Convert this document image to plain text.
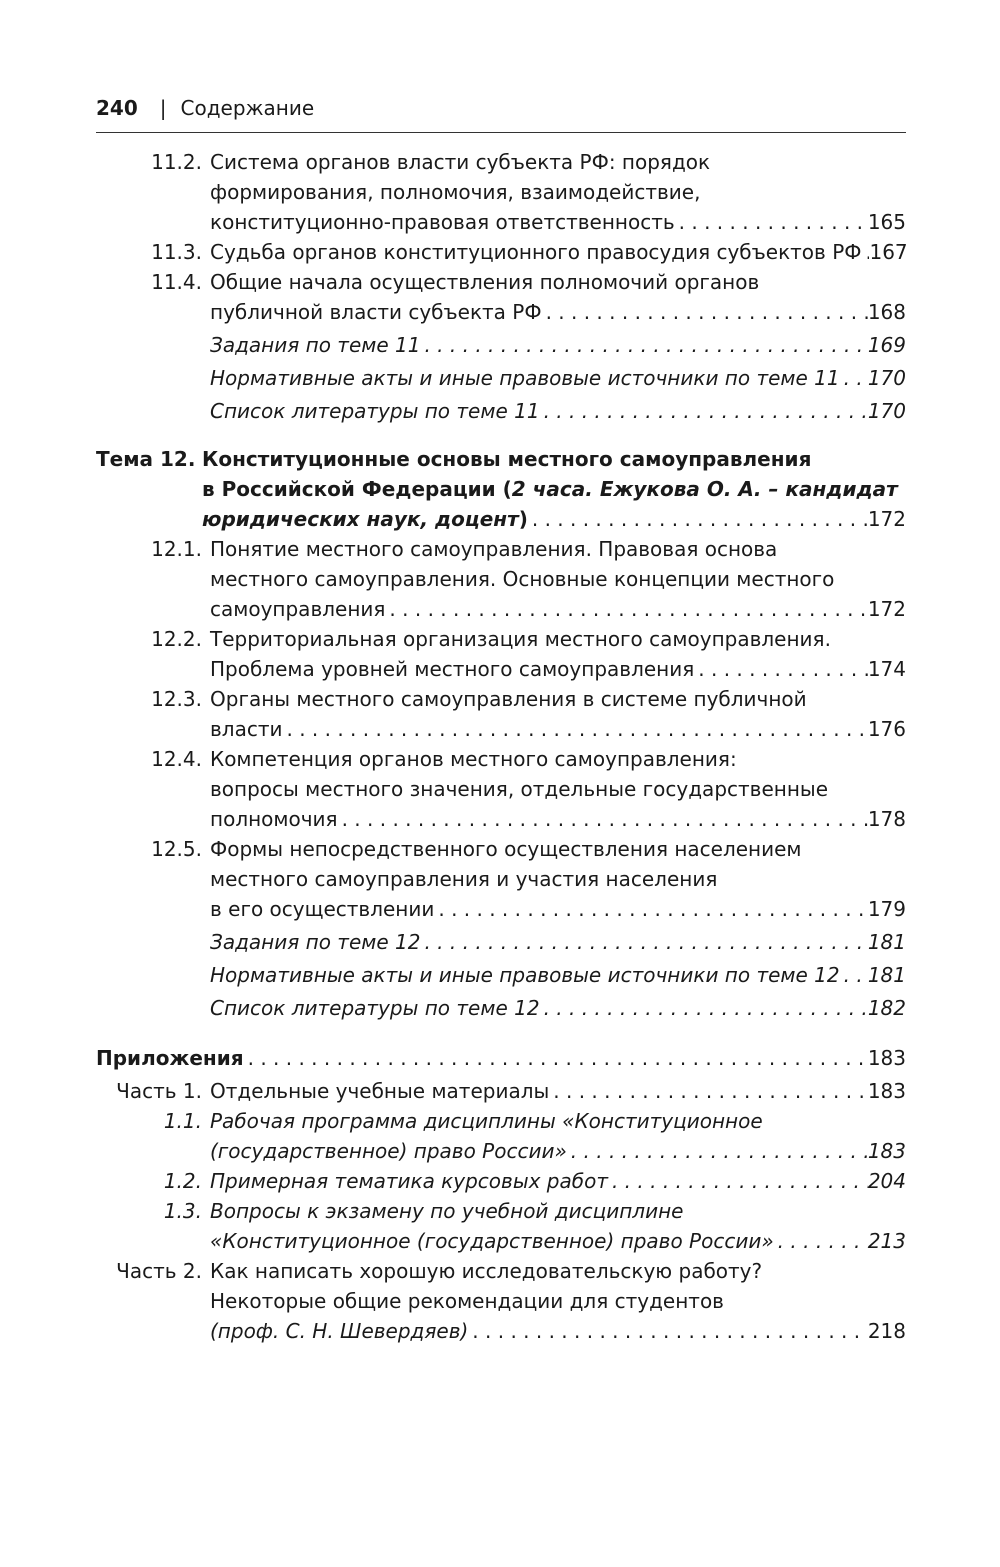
240 | Содержание
11.2. Система органов власти субъекта РФ: порядок
формирования, полномочия, взаимодействие,
конституционно-правовая ответственность . . .	165
11.3. Судьба органов конституционного правосудия субъектов РФ . . . 167
11.4. Общие начала осуществления полномочий органов
публичной власти субъекта РФ . . .	168
Задания по теме 11 . . .	169
Нормативные акты и иные правовые источники по теме 11 . . . 170
Список литературы по теме 11 . . .	170
Тема 12. Конституционные основы местного самоуправления
в Российской Федерации (2 часа. Ежукова О. А. – кандидат
юридических наук, доцент) . . .	172
12.1. Понятие местного самоуправления. Правовая основа
местного самоуправления. Основные концепции местного
самоуправления . . .	172
12.2. Территориальная организация местного самоуправления.
Проблема уровней местного самоуправления . . .	174
12.3. Органы местного самоуправления в системе публичной
власти . . .	176
12.4. Компетенция органов местного самоуправления:
вопросы местного значения, отдельные государственные
полномочия . . .	178
12.5. Формы непосредственного осуществления населением
местного самоуправления и участия населения
в его осуществлении . . .	179
Задания по теме 12 . . .	181
Нормативные акты и иные правовые источники по теме 12 . . . 181
Список литературы по теме 12 . . .	182
Приложения . . .	183
Часть 1. Отдельные учебные материалы . . .	183
1.1. Рабочая программа дисциплины «Конституционное
(государственное) право России» . . .	183
1.2. Примерная тематика курсовых работ . . .	204
1.3. Вопросы к экзамену по учебной дисциплине
«Конституционное (государственное) право России» . . .	213
Часть 2. Как написать хорошую исследовательскую работу?
Некоторые общие рекомендации для студентов
(проф. С. Н. Шевердяев) . . .	218
